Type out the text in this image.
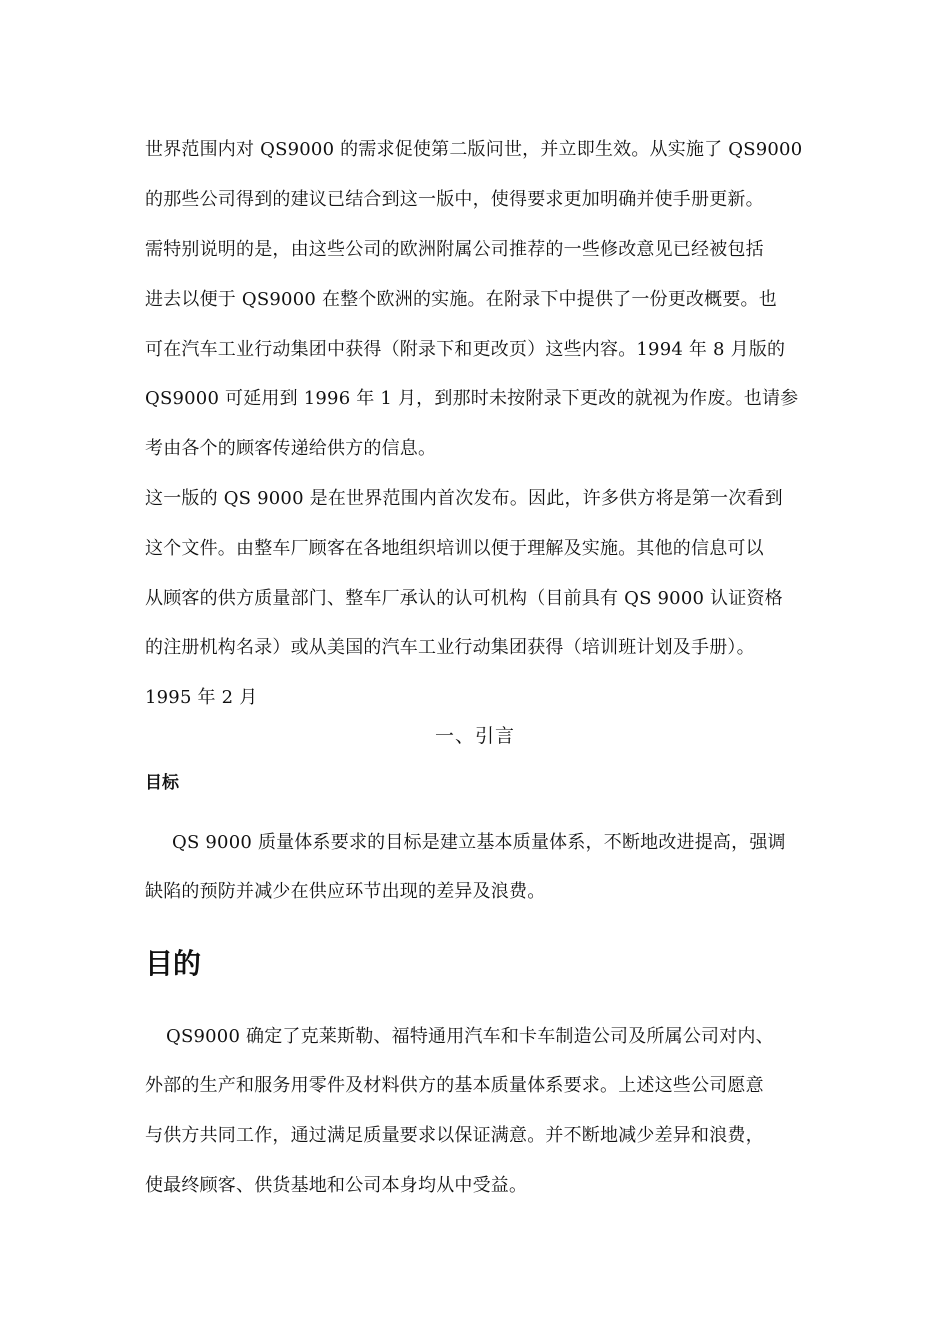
世界范围内对 QS9000 的需求促使第二版问世，并立即生效。从实施了 QS9000
的那些公司得到的建议已结合到这一版中，使得要求更加明确并使手册更新。
需特别说明的是，由这些公司的欧洲附属公司推荐的一些修改意见已经被包括
进去以便于 QS9000 在整个欧洲的实施。在附录下中提供了一份更改概要。也
可在汽车工业行动集团中获得（附录下和更改页）这些内容。1994 年 8 月版的
QS9000 可延用到 1996 年 1 月，到那时未按附录下更改的就视为作废。也请参
考由各个的顾客传递给供方的信息。
这一版的 QS 9000 是在世界范围内首次发布。因此，许多供方将是第一次看到
这个文件。由整车厂顾客在各地组织培训以便于理解及实施。其他的信息可以
从顾客的供方质量部门、整车厂承认的认可机构（目前具有 QS 9000 认证资格
的注册机构名录）或从美国的汽车工业行动集团获得（培训班计划及手册）。
1995 年 2 月
一、引言
目标
QS 9000 质量体系要求的目标是建立基本质量体系，不断地改进提高，强调
缺陷的预防并减少在供应环节出现的差异及浪费。
目的
QS9000 确定了克莱斯勒、福特通用汽车和卡车制造公司及所属公司对内、
外部的生产和服务用零件及材料供方的基本质量体系要求。上述这些公司愿意
与供方共同工作，通过满足质量要求以保证满意。并不断地减少差异和浪费，
使最终顾客、供货基地和公司本身均从中受益。
